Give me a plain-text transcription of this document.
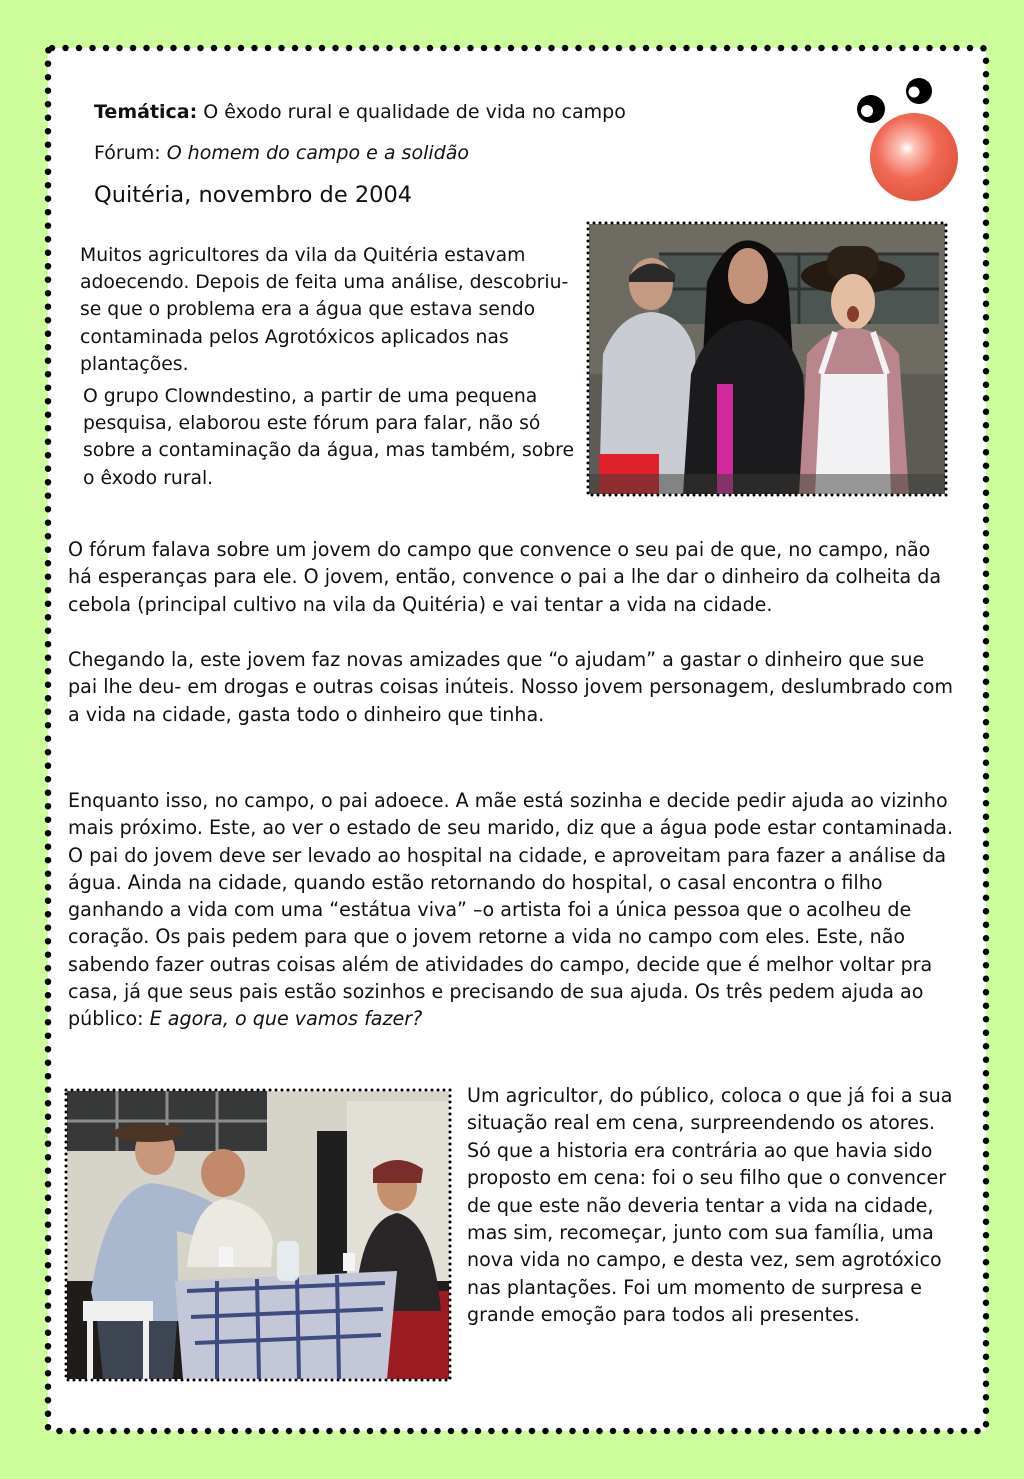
Temática: O êxodo rural e qualidade de vida no campo
Fórum: O homem do campo e a solidão
Quitéria, novembro de 2004

Muitos agricultores da vila da Quitéria estavam adoecendo. Depois de feita uma análise, descobriu-se que o problema era a água que estava sendo contaminada pelos Agrotóxicos aplicados nas plantações.

O grupo Clowndestino, a partir de uma pequena pesquisa, elaborou este fórum para falar, não só sobre a contaminação da água, mas também, sobre o êxodo rural.

O fórum falava sobre um jovem do campo que convence o seu pai de que, no campo, não há esperanças para ele. O jovem, então, convence o pai a lhe dar o dinheiro da colheita da cebola (principal cultivo na vila da Quitéria) e vai tentar a vida na cidade.

Chegando la, este jovem faz novas amizades que “o ajudam” a gastar o dinheiro que sue pai lhe deu- em drogas e outras coisas inúteis. Nosso jovem personagem, deslumbrado com a vida na cidade, gasta todo o dinheiro que tinha.

Enquanto isso, no campo, o pai adoece. A mãe está sozinha e decide pedir ajuda ao vizinho mais próximo. Este, ao ver o estado de seu marido, diz que a água pode estar contaminada. O pai do jovem deve ser levado ao hospital na cidade, e aproveitam para fazer a análise da água. Ainda na cidade, quando estão retornando do hospital, o casal encontra o filho ganhando a vida com uma “estátua viva” –o artista foi a única pessoa que o acolheu de coração. Os pais pedem para que o jovem retorne a vida no campo com eles. Este, não sabendo fazer outras coisas além de atividades do campo, decide que é melhor voltar pra casa, já que seus pais estão sozinhos e precisando de sua ajuda. Os três pedem ajuda ao público: E agora, o que vamos fazer?

Um agricultor, do público, coloca o que já foi a sua situação real em cena, surpreendendo os atores. Só que a historia era contrária ao que havia sido proposto em cena: foi o seu filho que o convencer de que este não deveria tentar a vida na cidade, mas sim, recomeçar, junto com sua família, uma nova vida no campo, e desta vez, sem agrotóxico nas plantações. Foi um momento de surpresa e grande emoção para todos ali presentes.
